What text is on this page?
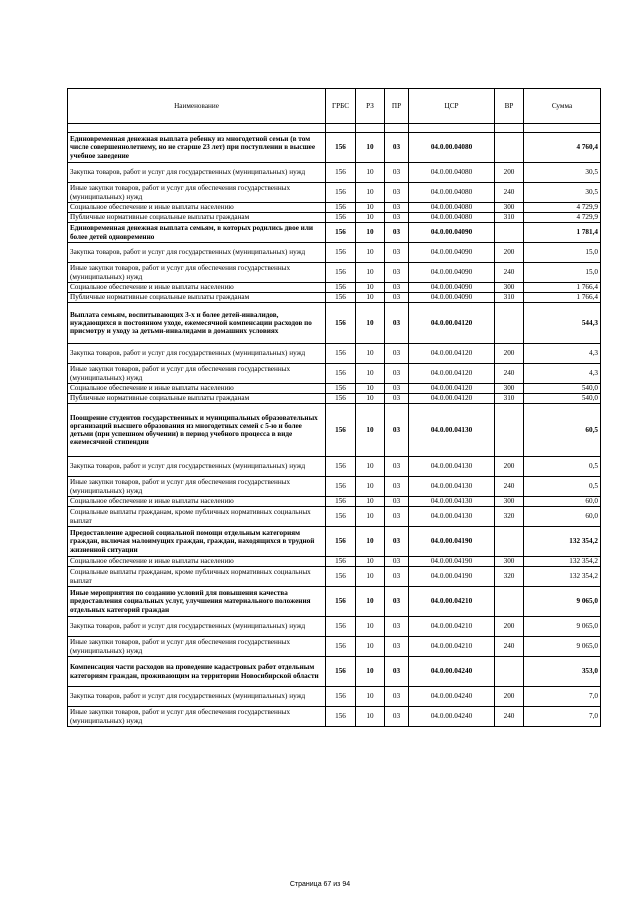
Наименование	ГРБС	РЗ	ПР	ЦСР	ВР	Сумма

Единовременная денежная выплата ребенку из многодетной семьи (в том числе совершеннолетнему, но не старше 23 лет) при поступлении в высшее учебное заведение	156	10	03	04.0.00.04080		4 760,4
Закупка товаров, работ и услуг для государственных (муниципальных) нужд	156	10	03	04.0.00.04080	200	30,5
Иные закупки товаров, работ и услуг для обеспечения государственных (муниципальных) нужд	156	10	03	04.0.00.04080	240	30,5
Социальное обеспечение и иные выплаты населению	156	10	03	04.0.00.04080	300	4 729,9
Публичные нормативные социальные выплаты гражданам	156	10	03	04.0.00.04080	310	4 729,9
Единовременная денежная выплата семьям, в которых родились двое или более детей одновременно	156	10	03	04.0.00.04090		1 781,4
Закупка товаров, работ и услуг для государственных (муниципальных) нужд	156	10	03	04.0.00.04090	200	15,0
Иные закупки товаров, работ и услуг для обеспечения государственных (муниципальных) нужд	156	10	03	04.0.00.04090	240	15,0
Социальное обеспечение и иные выплаты населению	156	10	03	04.0.00.04090	300	1 766,4
Публичные нормативные социальные выплаты гражданам	156	10	03	04.0.00.04090	310	1 766,4
Выплата семьям, воспитывающих 3-х и более детей-инвалидов, нуждающихся в постоянном уходе, ежемесячной компенсации расходов по присмотру и уходу за детьми-инвалидами в домашних условиях	156	10	03	04.0.00.04120		544,3
Закупка товаров, работ и услуг для государственных (муниципальных) нужд	156	10	03	04.0.00.04120	200	4,3
Иные закупки товаров, работ и услуг для обеспечения государственных (муниципальных) нужд	156	10	03	04.0.00.04120	240	4,3
Социальное обеспечение и иные выплаты населению	156	10	03	04.0.00.04120	300	540,0
Публичные нормативные социальные выплаты гражданам	156	10	03	04.0.00.04120	310	540,0
Поощрение студентов государственных и муниципальных образовательных организаций высшего образования из многодетных семей с 5-ю и более детьми (при успешном обучении) в период учебного процесса в виде ежемесячной стипендии	156	10	03	04.0.00.04130		60,5
Закупка товаров, работ и услуг для государственных (муниципальных) нужд	156	10	03	04.0.00.04130	200	0,5
Иные закупки товаров, работ и услуг для обеспечения государственных (муниципальных) нужд	156	10	03	04.0.00.04130	240	0,5
Социальное обеспечение и иные выплаты населению	156	10	03	04.0.00.04130	300	60,0
Социальные выплаты гражданам, кроме публичных нормативных социальных выплат	156	10	03	04.0.00.04130	320	60,0
Предоставление адресной социальной помощи отдельным категориям граждан, включая малоимущих граждан, граждан, находящихся в трудной жизненной ситуации	156	10	03	04.0.00.04190		132 354,2
Социальное обеспечение и иные выплаты населению	156	10	03	04.0.00.04190	300	132 354,2
Социальные выплаты гражданам, кроме публичных нормативных социальных выплат	156	10	03	04.0.00.04190	320	132 354,2
Иные мероприятия по созданию условий для повышения качества предоставления социальных услуг, улучшения материального положения отдельных категорий граждан	156	10	03	04.0.00.04210		9 065,0
Закупка товаров, работ и услуг для государственных (муниципальных) нужд	156	10	03	04.0.00.04210	200	9 065,0
Иные закупки товаров, работ и услуг для обеспечения государственных (муниципальных) нужд	156	10	03	04.0.00.04210	240	9 065,0
Компенсация части расходов на проведение кадастровых работ отдельным категориям граждан, проживающим на территории Новосибирской области	156	10	03	04.0.00.04240		353,0
Закупка товаров, работ и услуг для государственных (муниципальных) нужд	156	10	03	04.0.00.04240	200	7,0
Иные закупки товаров, работ и услуг для обеспечения государственных (муниципальных) нужд	156	10	03	04.0.00.04240	240	7,0
Страница 67 из 94
